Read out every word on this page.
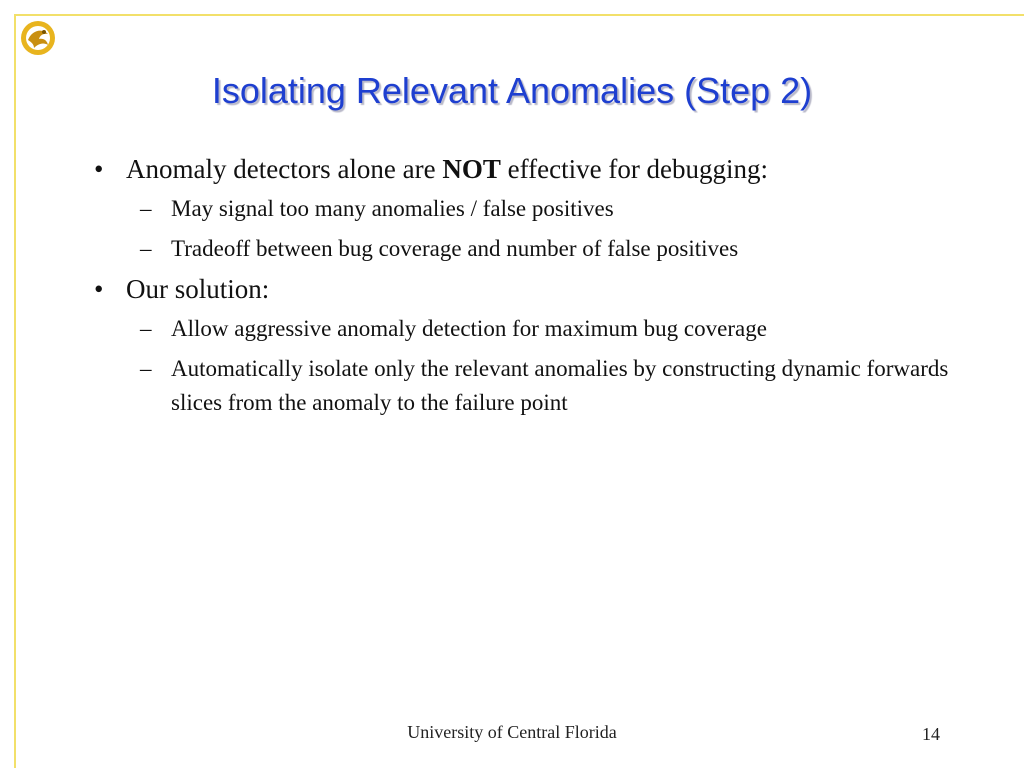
Isolating Relevant Anomalies (Step 2)
• Anomaly detectors alone are NOT effective for debugging:
– May signal too many anomalies / false positives
– Tradeoff between bug coverage and number of false positives
• Our solution:
– Allow aggressive anomaly detection for maximum bug coverage
– Automatically isolate only the relevant anomalies by constructing dynamic forwards slices from the anomaly to the failure point
University of Central Florida	14
